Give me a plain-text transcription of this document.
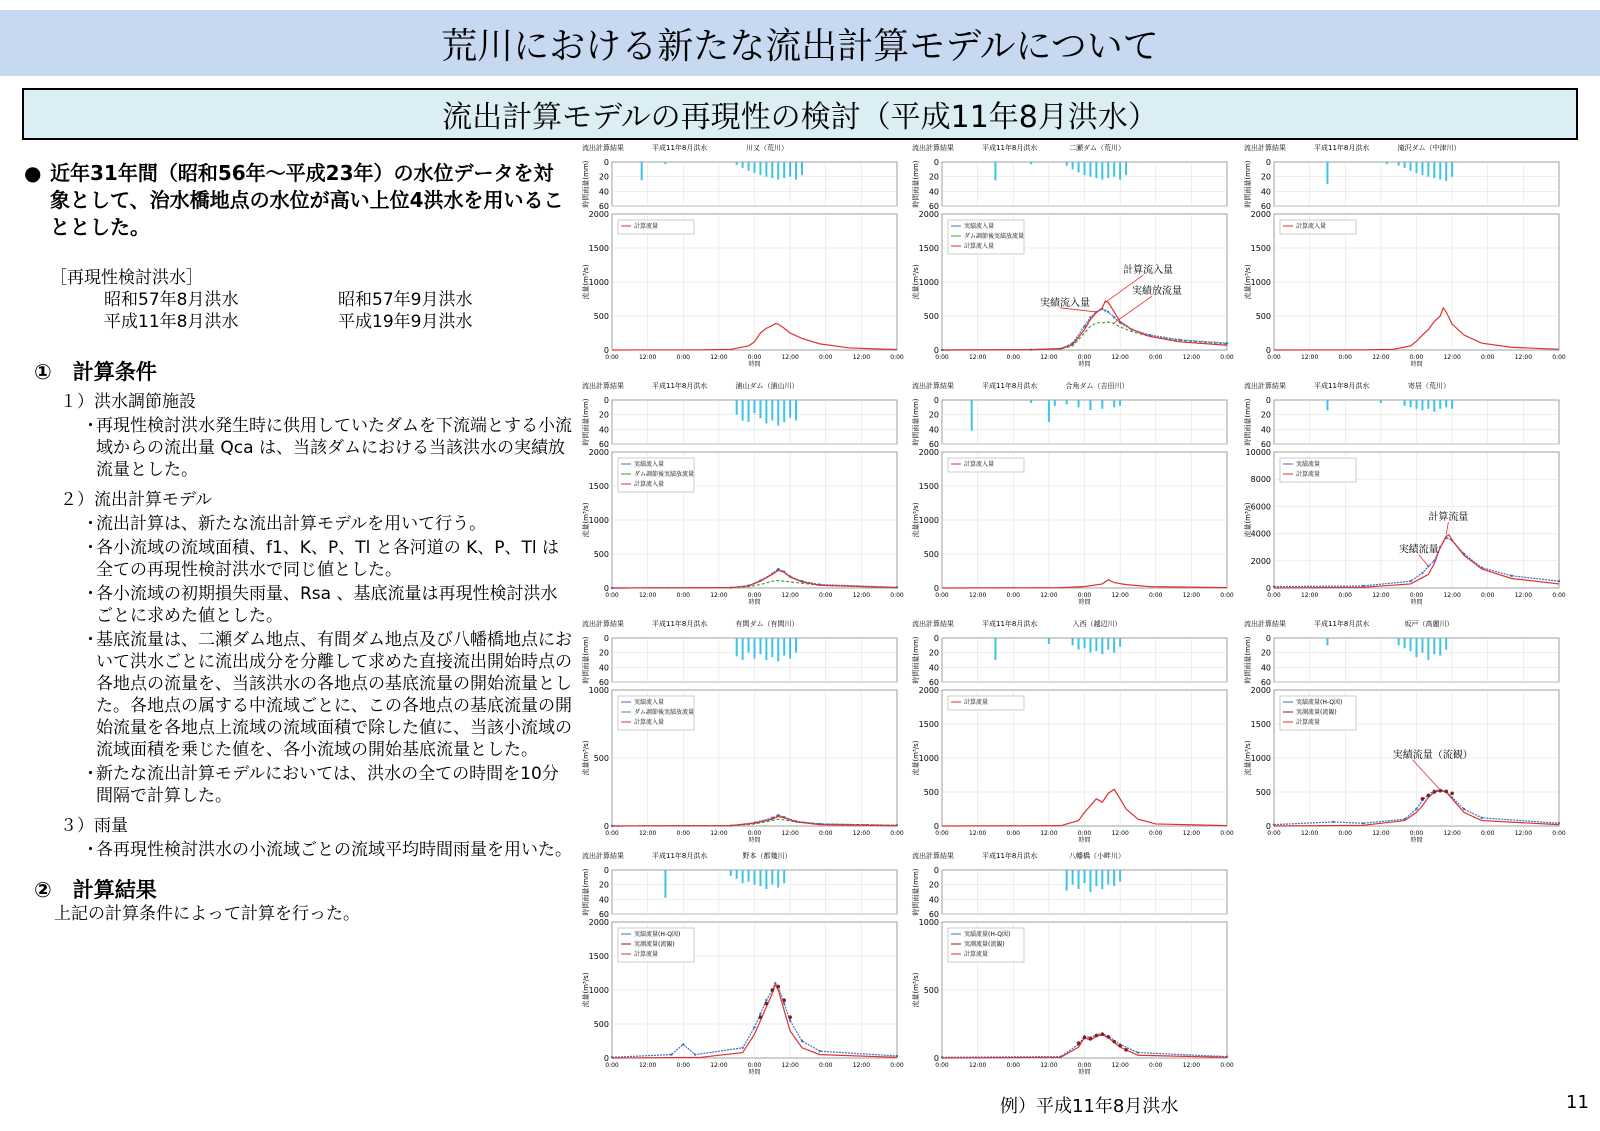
荒川における新たな流出計算モデルについて
流出計算モデルの再現性の検討（平成11年8月洪水）
● 近年31年間（昭和56年～平成23年）の水位データを対象として、治水橋地点の水位が高い上位4洪水を用いることとした。
［再現性検討洪水］
昭和57年8月洪水	昭和57年9月洪水
平成11年8月洪水	平成19年9月洪水
①　計算条件
１）洪水調節施設
・
再現性検討洪水発生時に供用していたダムを下流端とする小流域からの流出量 Qca は、当該ダムにおける当該洪水の実績放流量とした。
２）流出計算モデル
・
流出計算は、新たな流出計算モデルを用いて行う。
・
各小流域の流域面積、f1、K、P、Tl と各河道の K、P、Tl は全ての再現性検討洪水で同じ値とした。
・
各小流域の初期損失雨量、Rsa 、基底流量は再現性検討洪水ごとに求めた値とした。
・
基底流量は、二瀬ダム地点、有間ダム地点及び八幡橋地点において洪水ごとに流出成分を分離して求めた直接流出開始時点の各地点の流量を、当該洪水の各地点の基底流量の開始流量とした。各地点の属する中流域ごとに、この各地点の基底流量の開始流量を各地点上流域の流域面積で除した値に、当該小流域の流域面積を乗じた値を、各小流域の開始基底流量とした。
・
新たな流出計算モデルにおいては、洪水の全ての時間を10分間隔で計算した。
３）雨量
・
各再現性検討洪水の小流域ごとの流域平均時間雨量を用いた。
②　計算結果
上記の計算条件によって計算を行った。
流出計算結果	平成11年8月洪水	川又（荒川）
0
20
40
60
時間雨量(mm)
0
500
1000
1500
2000
0:00	12:00	0:00	12:00	0:00	12:00	0:00	12:00	0:00
時間
流量(m³/s)
計算流量
流出計算結果	平成11年8月洪水	二瀬ダム（荒川）
0
20
40
60
時間雨量(mm)
0
500
1000
1500
2000
0:00	12:00	0:00	12:00	0:00	12:00	0:00	12:00	0:00
時間
流量(m³/s)
実績流入量
ダム調節後実績放流量
計算流入量
計算流入量
実績放流量
実績流入量
流出計算結果	平成11年8月洪水	滝沢ダム（中津川）
0
20
40
60
時間雨量(mm)
0
500
1000
1500
2000
0:00	12:00	0:00	12:00	0:00	12:00	0:00	12:00	0:00
時間
流量(m³/s)
計算流入量
流出計算結果	平成11年8月洪水	浦山ダム（浦山川）
0
20
40
60
時間雨量(mm)
0
500
1000
1500
2000
0:00	12:00	0:00	12:00	0:00	12:00	0:00	12:00	0:00
時間
流量(m³/s)
実績流入量
ダム調節後実績放流量
計算流入量
流出計算結果	平成11年8月洪水	合角ダム（吉田川）
0
20
40
60
時間雨量(mm)
0
500
1000
1500
2000
0:00	12:00	0:00	12:00	0:00	12:00	0:00	12:00	0:00
時間
流量(m³/s)
計算流入量
流出計算結果	平成11年8月洪水	寄居（荒川）
0
20
40
60
時間雨量(mm)
0
2000
4000
6000
8000
10000
0:00	12:00	0:00	12:00	0:00	12:00	0:00	12:00	0:00
時間
流量(m³/s)
実績流量
計算流量
計算流量
実績流量
流出計算結果	平成11年8月洪水	有間ダム（有間川）
0
20
40
60
時間雨量(mm)
0
500
1000
0:00	12:00	0:00	12:00	0:00	12:00	0:00	12:00	0:00
時間
流量(m³/s)
実績流入量
ダム調節後実績放流量
計算流入量
流出計算結果	平成11年8月洪水	入西（越辺川）
0
20
40
60
時間雨量(mm)
0
500
1000
1500
2000
0:00	12:00	0:00	12:00	0:00	12:00	0:00	12:00	0:00
時間
流量(m³/s)
計算流量
流出計算結果	平成11年8月洪水	坂戸（高麗川）
0
20
40
60
時間雨量(mm)
0
500
1000
1500
2000
0:00	12:00	0:00	12:00	0:00	12:00	0:00	12:00	0:00
時間
流量(m³/s)
実績流量(H-Q図)
実測流量(流観)
計算流量
実績流量（流観）
流出計算結果	平成11年8月洪水	野本（都幾川）
0
20
40
60
時間雨量(mm)
0
500
1000
1500
2000
0:00	12:00	0:00	12:00	0:00	12:00	0:00	12:00	0:00
時間
流量(m³/s)
実績流量(H-Q図)
実測流量(流観)
計算流量
流出計算結果	平成11年8月洪水	八幡橋（小畔川）
0
20
40
60
時間雨量(mm)
0
500
1000
0:00	12:00	0:00	12:00	0:00	12:00	0:00	12:00	0:00
時間
流量(m³/s)
実績流量(H-Q図)
実測流量(流観)
計算流量
例）平成11年8月洪水	11
